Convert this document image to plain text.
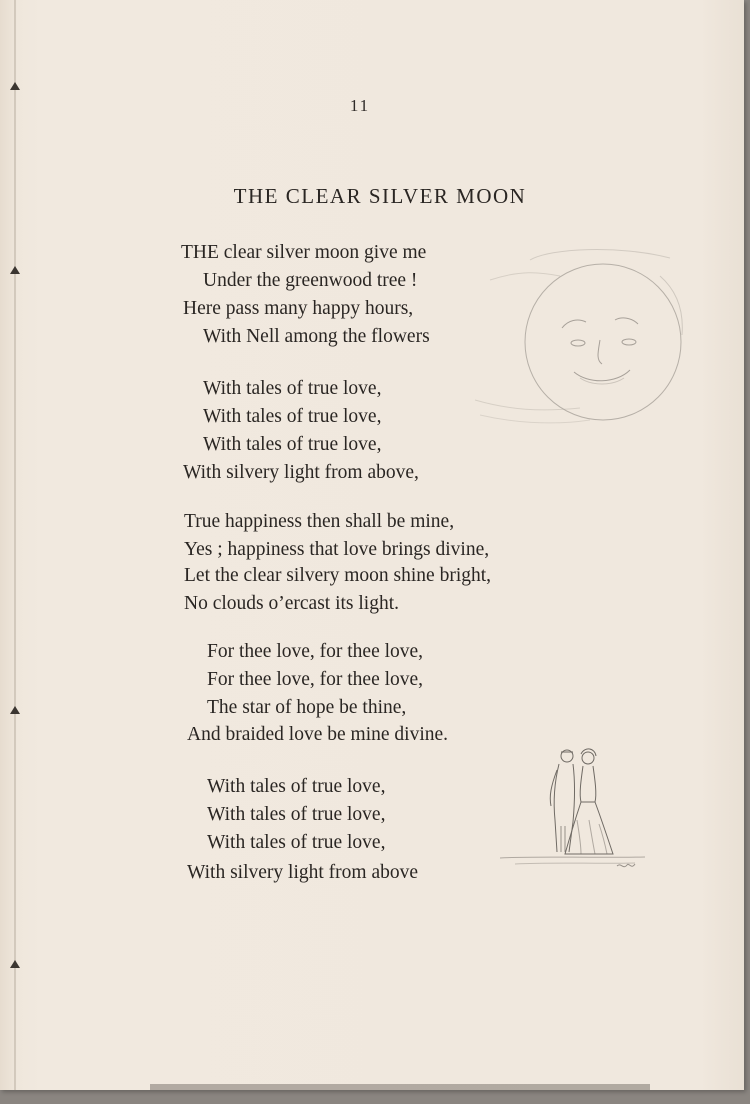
11
THE CLEAR SILVER MOON
THE clear silver moon give me
Under the greenwood tree !
Here pass many happy hours,
With Nell among the flowers
With tales of true love,
With tales of true love,
With tales of true love,
With silvery light from above,
True happiness then shall be mine,
Yes ; happiness that love brings divine,
Let the clear silvery moon shine bright,
No clouds o’ercast its light.
For thee love, for thee love,
For thee love, for thee love,
The star of hope be thine,
And braided love be mine divine.
With tales of true love,
With tales of true love,
With tales of true love,
With silvery light from above
